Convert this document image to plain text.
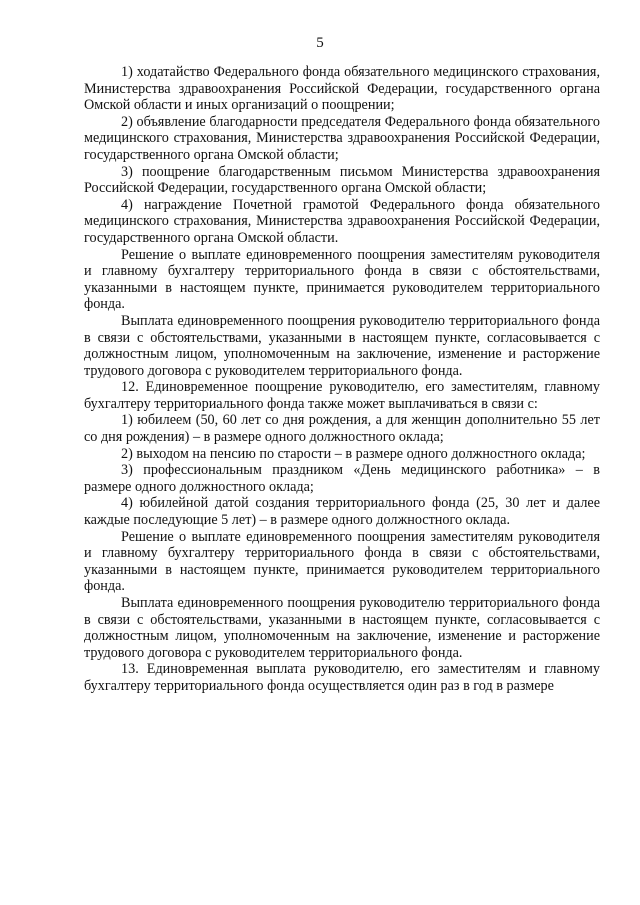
5

1) ходатайство Федерального фонда обязательного медицинского страхования, Министерства здравоохранения Российской Федерации, государственного органа Омской области и иных организаций о поощрении;

2) объявление благодарности председателя Федерального фонда обязательного медицинского страхования, Министерства здравоохранения Российской Федерации, государственного органа Омской области;

3) поощрение благодарственным письмом Министерства здравоохранения Российской Федерации, государственного органа Омской области;

4) награждение Почетной грамотой Федерального фонда обязательного медицинского страхования, Министерства здравоохранения Российской Федерации, государственного органа Омской области.

Решение о выплате единовременного поощрения заместителям руководителя и главному бухгалтеру территориального фонда в связи с обстоятельствами, указанными в настоящем пункте, принимается руководителем территориального фонда.

Выплата единовременного поощрения руководителю территориального фонда в связи с обстоятельствами, указанными в настоящем пункте, согласовывается с должностным лицом, уполномоченным на заключение, изменение и расторжение трудового договора с руководителем территориального фонда.

12. Единовременное поощрение руководителю, его заместителям, главному бухгалтеру территориального фонда также может выплачиваться в связи с:

1) юбилеем (50, 60 лет со дня рождения, а для женщин дополнительно 55 лет со дня рождения) – в размере одного должностного оклада;

2) выходом на пенсию по старости – в размере одного должностного оклада;

3) профессиональным праздником «День медицинского работника» – в размере одного должностного оклада;

4) юбилейной датой создания территориального фонда (25, 30 лет и далее каждые последующие 5 лет) – в размере одного должностного оклада.

Решение о выплате единовременного поощрения заместителям руководителя и главному бухгалтеру территориального фонда в связи с обстоятельствами, указанными в настоящем пункте, принимается руководителем территориального фонда.

Выплата единовременного поощрения руководителю территориального фонда в связи с обстоятельствами, указанными в настоящем пункте, согласовывается с должностным лицом, уполномоченным на заключение, изменение и расторжение трудового договора с руководителем территориального фонда.

13. Единовременная выплата руководителю, его заместителям и главному бухгалтеру территориального фонда осуществляется один раз в год в размере
